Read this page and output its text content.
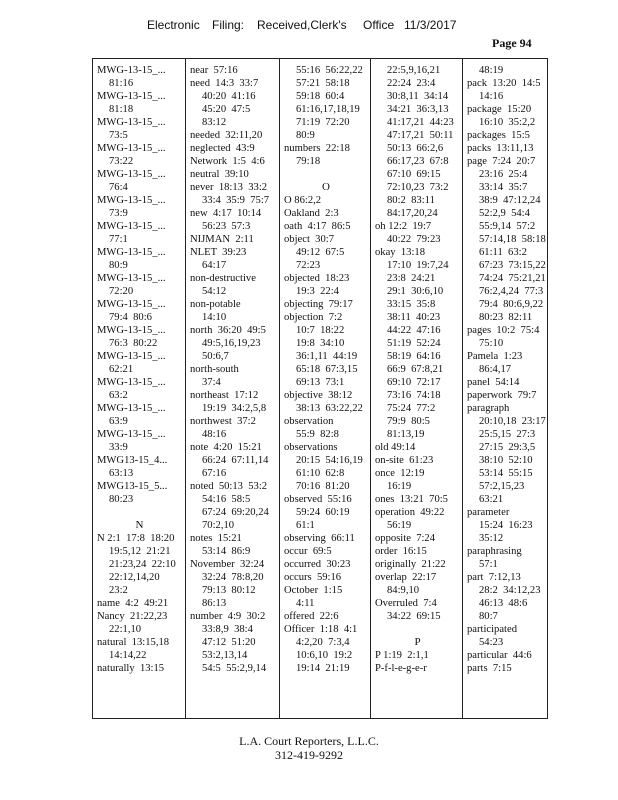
Electronic Filing: Received,Clerk's Office 11/3/2017
Page 94
MWG-13-15_...
81:16
MWG-13-15_...
81:18
MWG-13-15_...
73:5
MWG-13-15_...
73:22
MWG-13-15_...
76:4
MWG-13-15_...
73:9
MWG-13-15_...
77:1
MWG-13-15_...
80:9
MWG-13-15_...
72:20
MWG-13-15_...
79:4  80:6
MWG-13-15_...
76:3  80:22
MWG-13-15_...
62:21
MWG-13-15_...
63:2
MWG-13-15_...
63:9
MWG-13-15_...
33:9
MWG13-15_4...
63:13
MWG13-15_5...
80:23
N
N 2:1  17:8  18:20
19:5,12  21:21
21:23,24  22:10
22:12,14,20
23:2
name  4:2  49:21
Nancy  21:22,23
22:1,10
natural  13:15,18
14:14,22
naturally  13:15
near  57:16
need  14:3  33:7
40:20  41:16
45:20  47:5
83:12
needed  32:11,20
neglected  43:9
Network  1:5  4:6
neutral  39:10
never  18:13  33:2
33:4  35:9  75:7
new  4:17  10:14
56:23  57:3
NIJMAN  2:11
NLET  39:23
64:17
non-destructive
54:12
non-potable
14:10
north  36:20  49:5
49:5,16,19,23
50:6,7
north-south
37:4
northeast  17:12
19:19  34:2,5,8
northwest  37:2
48:16
note  4:20  15:21
66:24  67:11,14
67:16
noted  50:13  53:2
54:16  58:5
67:24  69:20,24
70:2,10
notes  15:21
53:14  86:9
November  32:24
32:24  78:8,20
79:13  80:12
86:13
number  4:9  30:2
33:8,9  38:4
47:12  51:20
53:2,13,14
54:5  55:2,9,14
55:16  56:22,22
57:21  58:18
59:18  60:4
61:16,17,18,19
71:19  72:20
80:9
numbers  22:18
79:18
O
O 86:2,2
Oakland  2:3
oath  4:17  86:5
object  30:7
49:12  67:5
72:23
objected  18:23
19:3  22:4
objecting  79:17
objection  7:2
10:7  18:22
19:8  34:10
36:1,11  44:19
65:18  67:3,15
69:13  73:1
objective  38:12
38:13  63:22,22
observation
55:9  82:8
observations
20:15  54:16,19
61:10  62:8
70:16  81:20
observed  55:16
59:24  60:19
61:1
observing  66:11
occur  69:5
occurred  30:23
occurs  59:16
October  1:15
4:11
offered  22:6
Officer  1:18  4:1
4:2,20  7:3,4
10:6,10  19:2
19:14  21:19
22:5,9,16,21
22:24  23:4
30:8,11  34:14
34:21  36:3,13
41:17,21  44:23
47:17,21  50:11
50:13  66:2,6
66:17,23  67:8
67:10  69:15
72:10,23  73:2
80:2  83:11
84:17,20,24
oh 12:2  19:7
40:22  79:23
okay  13:18
17:10  19:7,24
23:8  24:21
29:1  30:6,10
33:15  35:8
38:11  40:23
44:22  47:16
51:19  52:24
58:19  64:16
66:9  67:8,21
69:10  72:17
73:16  74:18
75:24  77:2
79:9  80:5
81:13,19
old 49:14
on-site  61:23
once  12:19
16:19
ones  13:21  70:5
operation  49:22
56:19
opposite  7:24
order  16:15
originally  21:22
overlap  22:17
84:9,10
Overruled  7:4
34:22  69:15
P
P 1:19  2:1,1
P-f-l-e-g-e-r
48:19
pack  13:20  14:5
14:16
package  15:20
16:10  35:2,2
packages  15:5
packs  13:11,13
page  7:24  20:7
23:16  25:4
33:14  35:7
38:9  47:12,24
52:2,9  54:4
55:9,14  57:2
57:14,18  58:18
61:11  63:2
67:23  73:15,22
74:24  75:21,21
76:2,4,24  77:3
79:4  80:6,9,22
80:23  82:11
pages  10:2  75:4
75:10
Pamela  1:23
86:4,17
panel  54:14
paperwork  79:7
paragraph
20:10,18  23:17
25:5,15  27:3
27:15  29:3,5
38:10  52:10
53:14  55:15
57:2,15,23
63:21
parameter
15:24  16:23
35:12
paraphrasing
57:1
part  7:12,13
28:2  34:12,23
46:13  48:6
80:7
participated
54:23
particular  44:6
parts  7:15
L.A. Court Reporters, L.L.C.
312-419-9292
